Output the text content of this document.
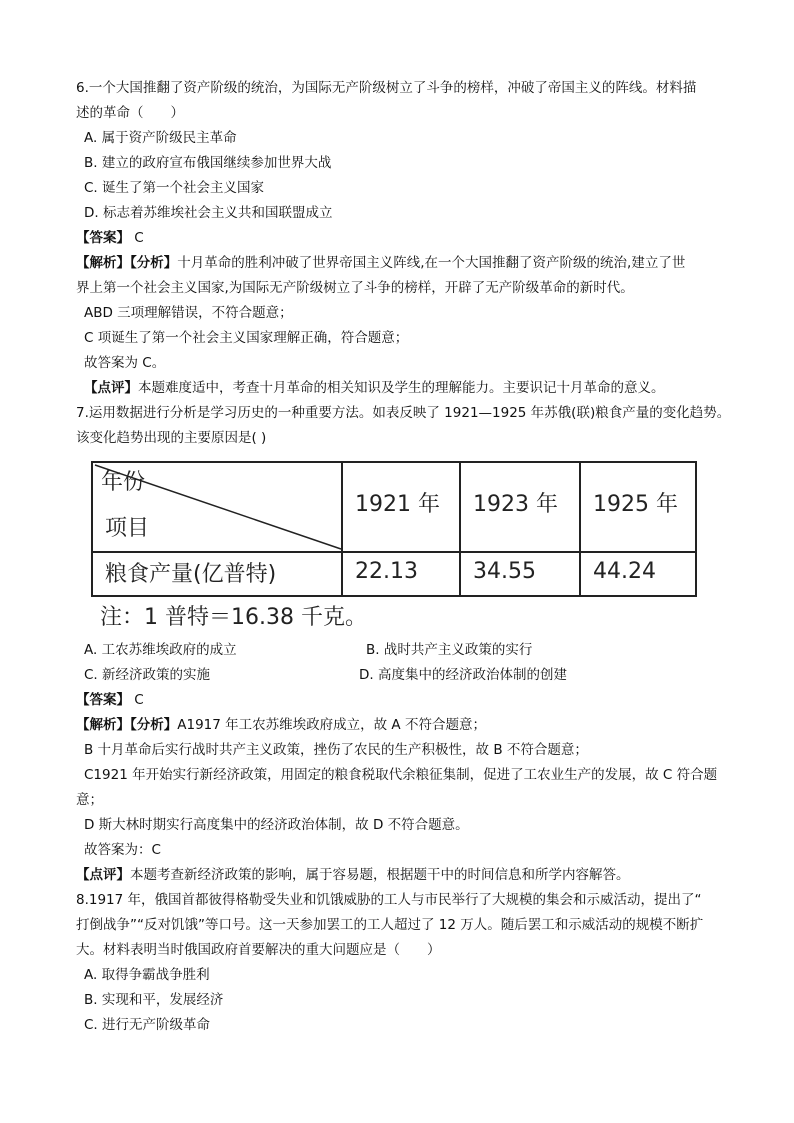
6.一个大国推翻了资产阶级的统治，为国际无产阶级树立了斗争的榜样，冲破了帝国主义的阵线。材料描
述的革命（　　）
A. 属于资产阶级民主革命
B. 建立的政府宣布俄国继续参加世界大战
C. 诞生了第一个社会主义国家
D. 标志着苏维埃社会主义共和国联盟成立
【答案】 C
【解析】【分析】十月革命的胜利冲破了世界帝国主义阵线,在一个大国推翻了资产阶级的统治,建立了世
界上第一个社会主义国家,为国际无产阶级树立了斗争的榜样，开辟了无产阶级革命的新时代。
ABD 三项理解错误，不符合题意；
C 项诞生了第一个社会主义国家理解正确，符合题意；
故答案为 C。
【点评】本题难度适中，考查十月革命的相关知识及学生的理解能力。主要识记十月革命的意义。
7.运用数据进行分析是学习历史的一种重要方法。如表反映了 1921—1925 年苏俄(联)粮食产量的变化趋势。
该变化趋势出现的主要原因是( )
年份
项目
1921 年 1923 年 1925 年
粮食产量(亿普特)	22.13	34.55	44.24
注：1 普特＝16.38 千克。
A. 工农苏维埃政府的成立	B. 战时共产主义政策的实行
C. 新经济政策的实施	D. 高度集中的经济政治体制的创建
【答案】 C
【解析】【分析】A1917 年工农苏维埃政府成立，故 A 不符合题意；
B 十月革命后实行战时共产主义政策，挫伤了农民的生产积极性，故 B 不符合题意；
C1921 年开始实行新经济政策，用固定的粮食税取代余粮征集制，促进了工农业生产的发展，故 C 符合题
意；
D 斯大林时期实行高度集中的经济政治体制，故 D 不符合题意。
故答案为：C
【点评】本题考查新经济政策的影响，属于容易题，根据题干中的时间信息和所学内容解答。
8.1917 年，俄国首都彼得格勒受失业和饥饿威胁的工人与市民举行了大规模的集会和示威活动，提出了“
打倒战争”“反对饥饿”等口号。这一天参加罢工的工人超过了 12 万人。随后罢工和示威活动的规模不断扩
大。材料表明当时俄国政府首要解决的重大问题应是（　　）
A. 取得争霸战争胜利
B. 实现和平，发展经济
C. 进行无产阶级革命
